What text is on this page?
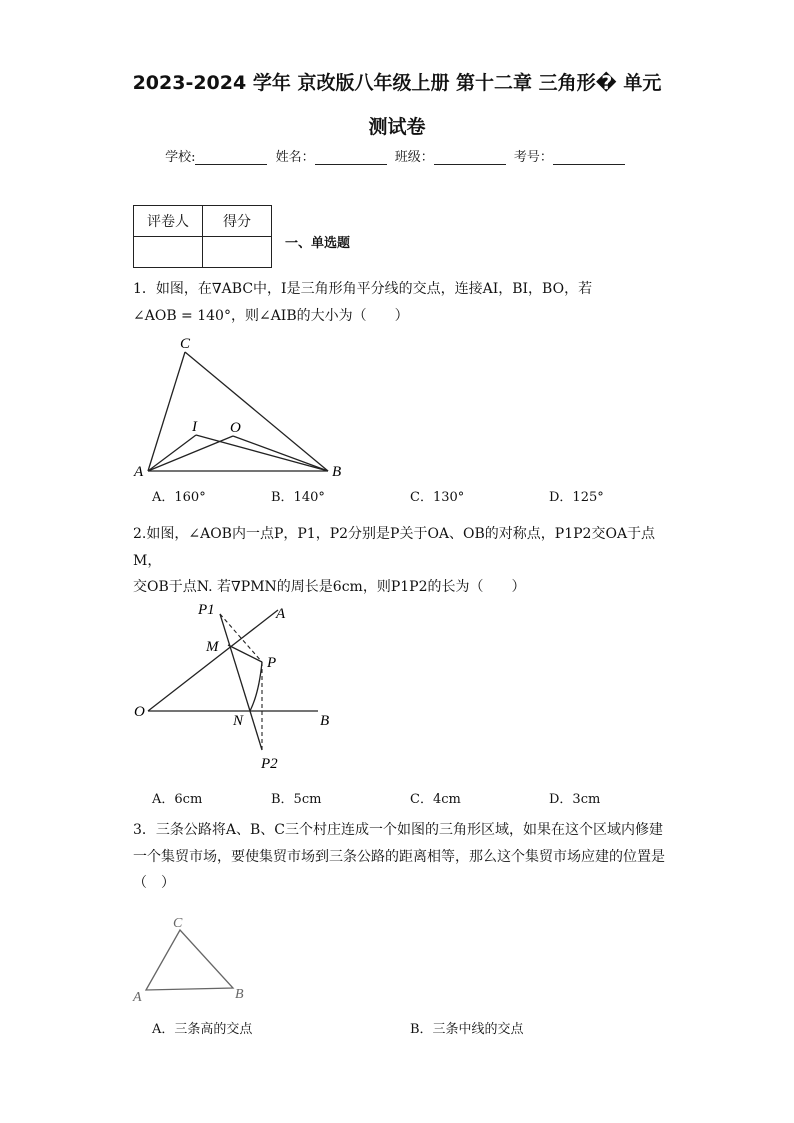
2023-2024 学年 京改版八年级上册 第十二章 三角形� 单元
测试卷
学校:	姓名：	班级：	考号：
评卷人	得分

一、单选题
1．如图，在∇ABC中，I是三角形角平分线的交点，连接AI，BI，BO，若
∠AOB = 140°，则∠AIB的大小为（　　）
C
I O
A	B
A．160°	B．140°	C．130°	D．125°
2.如图，∠AOB内一点P，P1，P2分别是P关于OA、OB的对称点，P1P2交OA于点M，
交OB于点N. 若∇PMN的周长是6cm，则P1P2的长为（　　）
P1	A
M
P
O
N	B
P2
A．6cm	B．5cm	C．4cm	D．3cm
3．三条公路将A、B、C三个村庄连成一个如图的三角形区域，如果在这个区域内修建
一个集贸市场，要使集贸市场到三条公路的距离相等，那么这个集贸市场应建的位置是
（　）
C
A	B
A．三条高的交点	B．三条中线的交点
